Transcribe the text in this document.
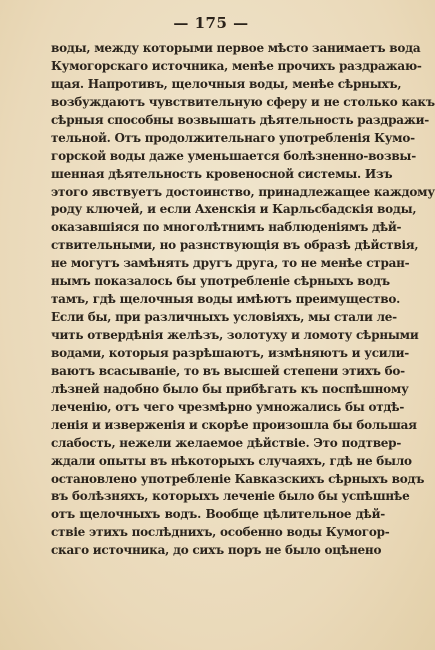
— 175 —
воды, между которыми первое мѣсто занимаетъ вода
Кумогорскаго источника, менѣе прочихъ раздражаю-
щая. Напротивъ, щелочныя воды, менѣе сѣрныхъ,
возбуждаютъ чувствительную сферу и не столько какъ
сѣрныя способны возвышать дѣятельность раздражи-
тельной. Отъ продолжительнаго употребленія Кумо-
горской воды даже уменьшается болѣзненно-возвы-
шенная дѣятельность кровеносной системы. Изъ
этого явствуетъ достоинство, принадлежащее каждому
роду ключей, и если Ахенскія и Карльсбадскія воды,
оказавшіяся по многолѣтнимъ наблюденіямъ дѣй-
ствительными, но разнствующія въ образѣ дѣйствія,
не могутъ замѣнять другъ друга, то не менѣе стран-
нымъ показалось бы употребленіе сѣрныхъ водъ
тамъ, гдѣ щелочныя воды имѣютъ преимущество.
Если бы, при различныхъ условіяхъ, мы стали ле-
чить отвердѣнія желѣзъ, золотуху и ломоту сѣрными
водами, которыя разрѣшаютъ, измѣняютъ и усили-
ваютъ всасываніе, то въ высшей степени этихъ бо-
лѣзней надобно было бы прибѣгать къ поспѣшному
леченію, отъ чего чрезмѣрно умножались бы отдѣ-
ленія и изверженія и скорѣе произошла бы большая
слабость, нежели желаемое дѣйствіе. Это подтвер-
ждали опыты въ нѣкоторыхъ случаяхъ, гдѣ не было
остановлено употребленіе Кавказскихъ сѣрныхъ водъ
въ болѣзняхъ, которыхъ леченіе было бы успѣшнѣе
отъ щелочныхъ водъ. Вообще цѣлительное дѣй-
ствіе этихъ послѣднихъ, особенно воды Кумогор-
скаго источника, до сихъ поръ не было оцѣнено
